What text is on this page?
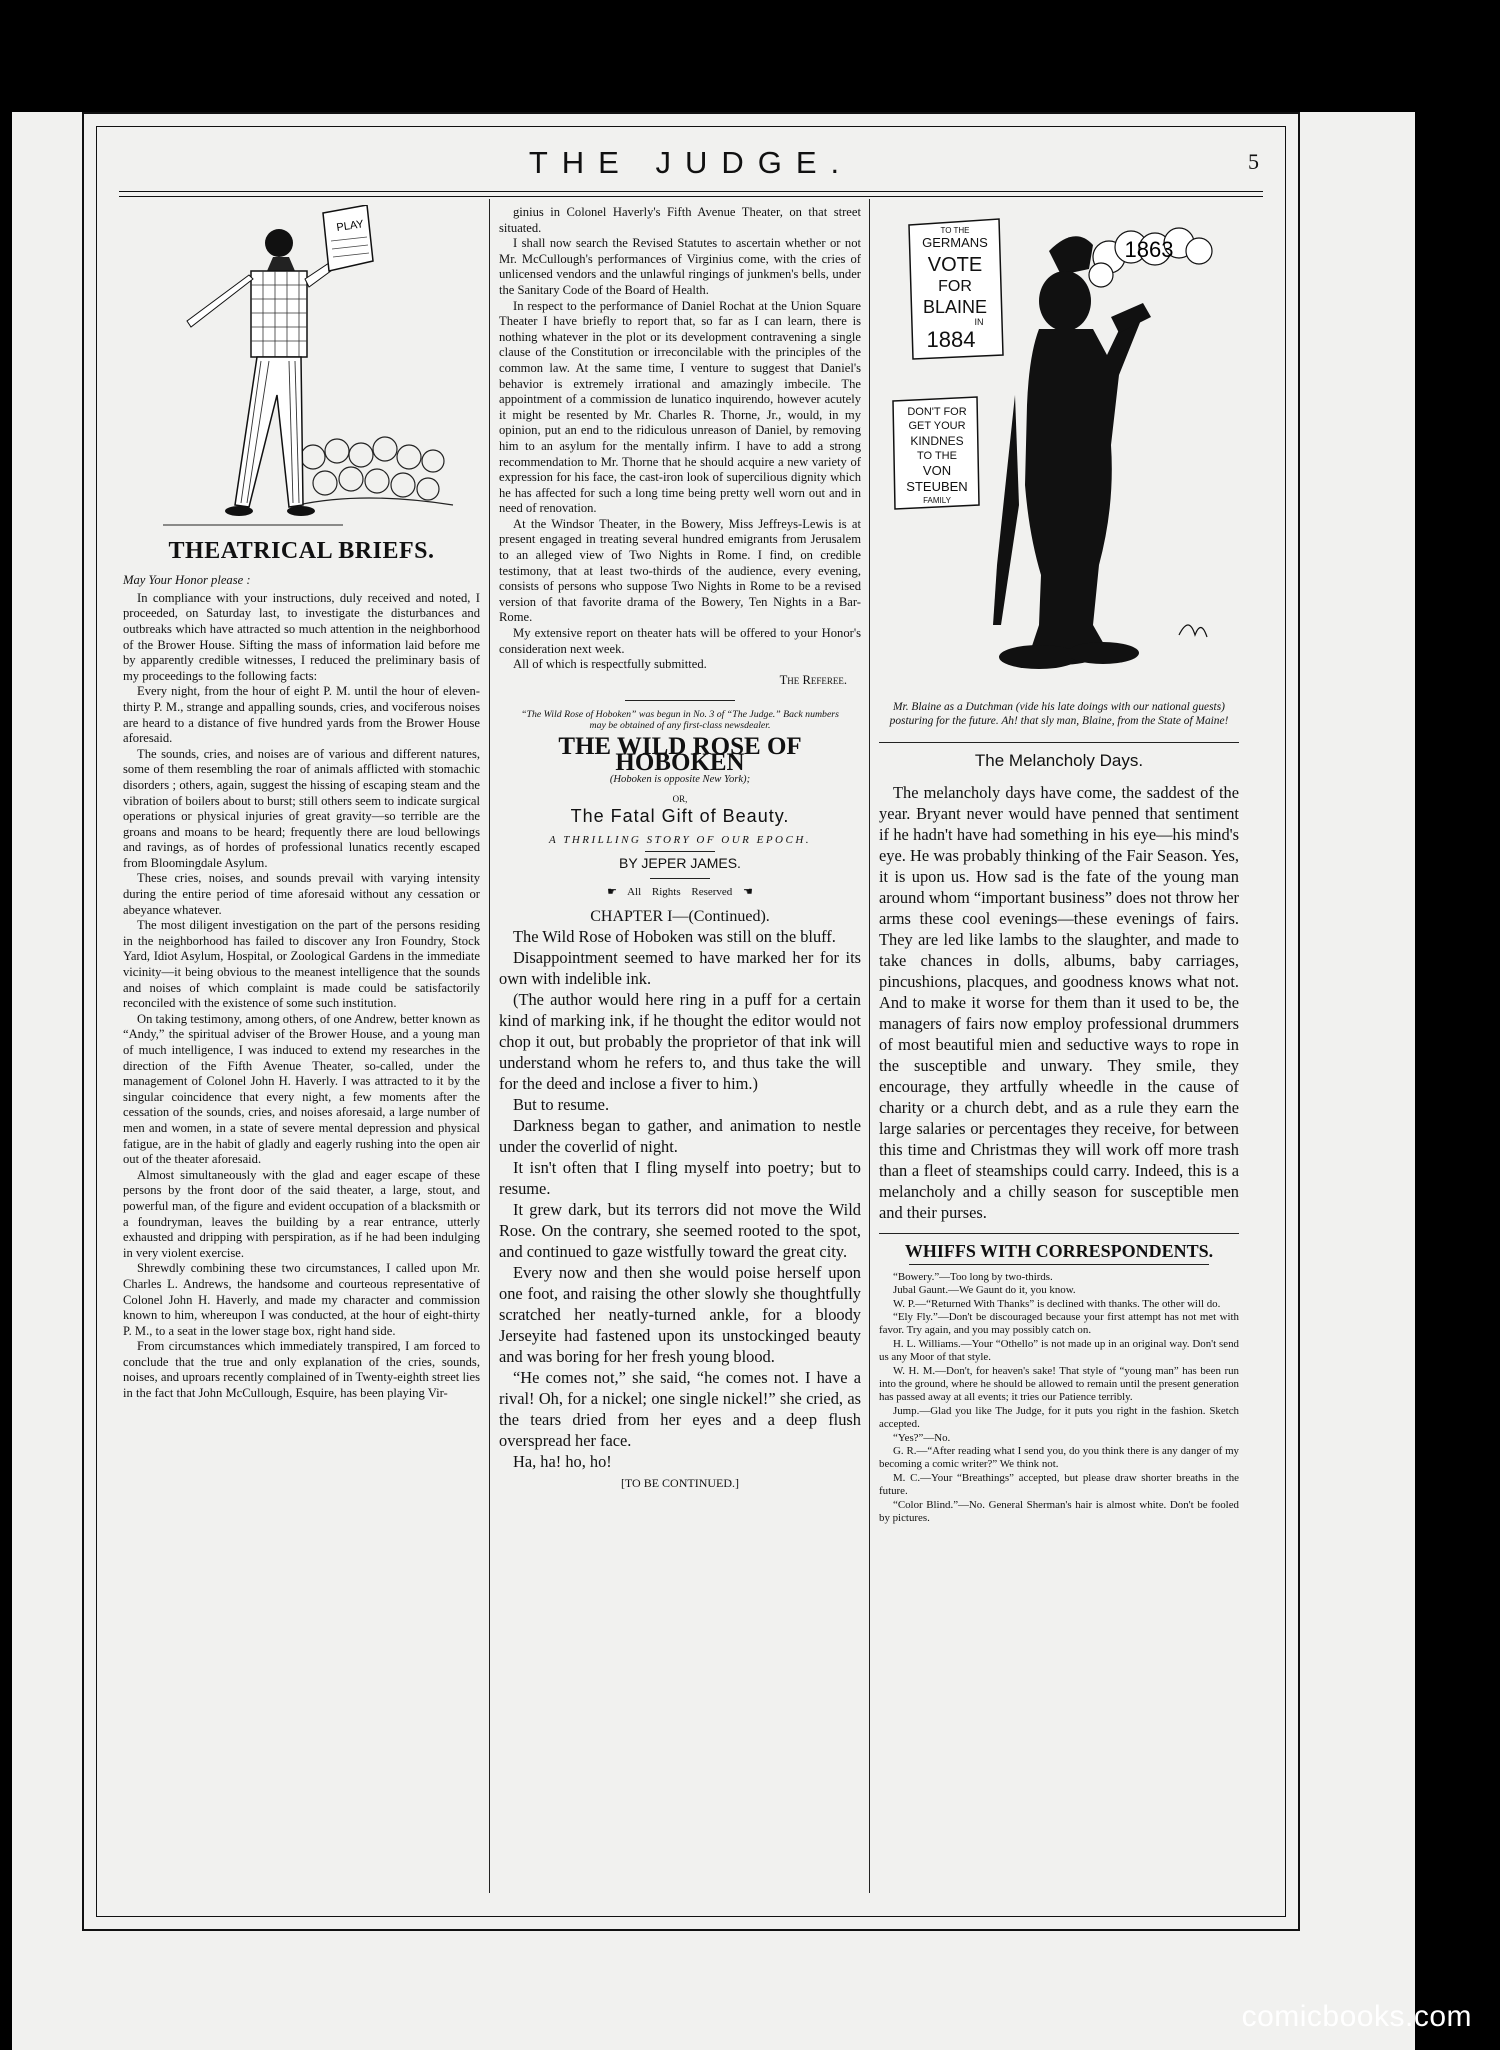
THE JUDGE.	5
PLAY
THEATRICAL BRIEFS.
May Your Honor please :

In compliance with your instructions, duly received and noted, I proceeded, on Saturday last, to investigate the disturbances and outbreaks which have attracted so much attention in the neighborhood of the Brower House. Sifting the mass of information laid before me by apparently credible witnesses, I reduced the preliminary basis of my proceedings to the following facts:

Every night, from the hour of eight P. M. until the hour of eleven-thirty P. M., strange and appalling sounds, cries, and vociferous noises are heard to a distance of five hundred yards from the Brower House aforesaid.

The sounds, cries, and noises are of various and different natures, some of them resembling the roar of animals afflicted with stomachic disorders ; others, again, suggest the hissing of escaping steam and the vibration of boilers about to burst; still others seem to indicate surgical operations or physical injuries of great gravity—so terrible are the groans and moans to be heard; frequently there are loud bellowings and ravings, as of hordes of professional lunatics recently escaped from Bloomingdale Asylum.

These cries, noises, and sounds prevail with varying intensity during the entire period of time aforesaid without any cessation or abeyance whatever.

The most diligent investigation on the part of the persons residing in the neighborhood has failed to discover any Iron Foundry, Stock Yard, Idiot Asylum, Hospital, or Zoological Gardens in the immediate vicinity—it being obvious to the meanest intelligence that the sounds and noises of which complaint is made could be satisfactorily reconciled with the existence of some such institution.

On taking testimony, among others, of one Andrew, better known as “Andy,” the spiritual adviser of the Brower House, and a young man of much intelligence, I was induced to extend my researches in the direction of the Fifth Avenue Theater, so-called, under the management of Colonel John H. Haverly. I was attracted to it by the singular coincidence that every night, a few moments after the cessation of the sounds, cries, and noises aforesaid, a large number of men and women, in a state of severe mental depression and physical fatigue, are in the habit of gladly and eagerly rushing into the open air out of the theater aforesaid.

Almost simultaneously with the glad and eager escape of these persons by the front door of the said theater, a large, stout, and powerful man, of the figure and evident occupation of a blacksmith or a foundryman, leaves the building by a rear entrance, utterly exhausted and dripping with perspiration, as if he had been indulging in very violent exercise.

Shrewdly combining these two circumstances, I called upon Mr. Charles L. Andrews, the handsome and courteous representative of Colonel John H. Haverly, and made my character and commission known to him, whereupon I was conducted, at the hour of eight-thirty P. M., to a seat in the lower stage box, right hand side.

From circumstances which immediately transpired, I am forced to conclude that the true and only explanation of the cries, sounds, noises, and uproars recently complained of in Twenty-eighth street lies in the fact that John McCullough, Esquire, has been playing Vir-

ginius in Colonel Haverly's Fifth Avenue Theater, on that street situated.

I shall now search the Revised Statutes to ascertain whether or not Mr. McCullough's performances of Virginius come, with the cries of unlicensed vendors and the unlawful ringings of junkmen's bells, under the Sanitary Code of the Board of Health.

In respect to the performance of Daniel Rochat at the Union Square Theater I have briefly to report that, so far as I can learn, there is nothing whatever in the plot or its development contravening a single clause of the Constitution or irreconcilable with the principles of the common law. At the same time, I venture to suggest that Daniel's behavior is extremely irrational and amazingly imbecile. The appointment of a commission de lunatico inquirendo, however acutely it might be resented by Mr. Charles R. Thorne, Jr., would, in my opinion, put an end to the ridiculous unreason of Daniel, by removing him to an asylum for the mentally infirm. I have to add a strong recommendation to Mr. Thorne that he should acquire a new variety of expression for his face, the cast-iron look of supercilious dignity which he has affected for such a long time being pretty well worn out and in need of renovation.

At the Windsor Theater, in the Bowery, Miss Jeffreys-Lewis is at present engaged in treating several hundred emigrants from Jerusalem to an alleged view of Two Nights in Rome. I find, on credible testimony, that at least two-thirds of the audience, every evening, consists of persons who suppose Two Nights in Rome to be a revised version of that favorite drama of the Bowery, Ten Nights in a Bar-Rome.

My extensive report on theater hats will be offered to your Honor's consideration next week.

All of which is respectfully submitted.

The Referee.
“The Wild Rose of Hoboken” was begun in No. 3 of “The Judge.” Back numbers may be obtained of any first-class newsdealer.
THE WILD ROSE OF HOBOKEN
(Hoboken is opposite New York);
OR,
The Fatal Gift of Beauty.
A THRILLING STORY OF OUR EPOCH.
BY JEPER JAMES.
☛ All Rights Reserved ☚
CHAPTER I—(Continued).

The Wild Rose of Hoboken was still on the bluff.

Disappointment seemed to have marked her for its own with indelible ink.

(The author would here ring in a puff for a certain kind of marking ink, if he thought the editor would not chop it out, but probably the proprietor of that ink will understand whom he refers to, and thus take the will for the deed and inclose a fiver to him.)

But to resume.

Darkness began to gather, and animation to nestle under the coverlid of night.

It isn't often that I fling myself into poetry; but to resume.

It grew dark, but its terrors did not move the Wild Rose. On the contrary, she seemed rooted to the spot, and continued to gaze wistfully toward the great city.

Every now and then she would poise herself upon one foot, and raising the other slowly she thoughtfully scratched her neatly-turned ankle, for a bloody Jerseyite had fastened upon its unstockinged beauty and was boring for her fresh young blood.

“He comes not,” she said, “he comes not. I have a rival! Oh, for a nickel; one single nickel!” she cried, as the tears dried from her eyes and a deep flush overspread her face.

Ha, ha! ho, ho!

[TO BE CONTINUED.]
TO THE
GERMANS
VOTE
FOR
BLAINE
IN
1884
DON'T FOR
GET YOUR
KINDNES
TO THE
VON
STEUBEN
FAMILY
1863
Mr. Blaine as a Dutchman (vide his late doings with our national guests) posturing for the future. Ah! that sly man, Blaine, from the State of Maine!
The Melancholy Days.

The melancholy days have come, the saddest of the year. Bryant never would have penned that sentiment if he hadn't have had something in his eye—his mind's eye. He was probably thinking of the Fair Season. Yes, it is upon us. How sad is the fate of the young man around whom “important business” does not throw her arms these cool evenings—these evenings of fairs. They are led like lambs to the slaughter, and made to take chances in dolls, albums, baby carriages, pincushions, placques, and goodness knows what not. And to make it worse for them than it used to be, the managers of fairs now employ professional drummers of most beautiful mien and seductive ways to rope in the susceptible and unwary. They smile, they encourage, they artfully wheedle in the cause of charity or a church debt, and as a rule they earn the large salaries or percentages they receive, for between this time and Christmas they will work off more trash than a fleet of steamships could carry. Indeed, this is a melancholy and a chilly season for susceptible men and their purses.

WHIFFS WITH CORRESPONDENTS.

“Bowery.”—Too long by two-thirds.

Jubal Gaunt.—We Gaunt do it, you know.

W. P.—“Returned With Thanks” is declined with thanks. The other will do.

“Ely Fly.”—Don't be discouraged because your first attempt has not met with favor. Try again, and you may possibly catch on.

H. L. Williams.—Your “Othello” is not made up in an original way. Don't send us any Moor of that style.

W. H. M.—Don't, for heaven's sake! That style of “young man” has been run into the ground, where he should be allowed to remain until the present generation has passed away at all events; it tries our Patience terribly.

Jump.—Glad you like The Judge, for it puts you right in the fashion. Sketch accepted.

“Yes?”—No.

G. R.—“After reading what I send you, do you think there is any danger of my becoming a comic writer?” We think not.

M. C.—Your “Breathings” accepted, but please draw shorter breaths in the future.

“Color Blind.”—No. General Sherman's hair is almost white. Don't be fooled by pictures.

comicbooks.com
